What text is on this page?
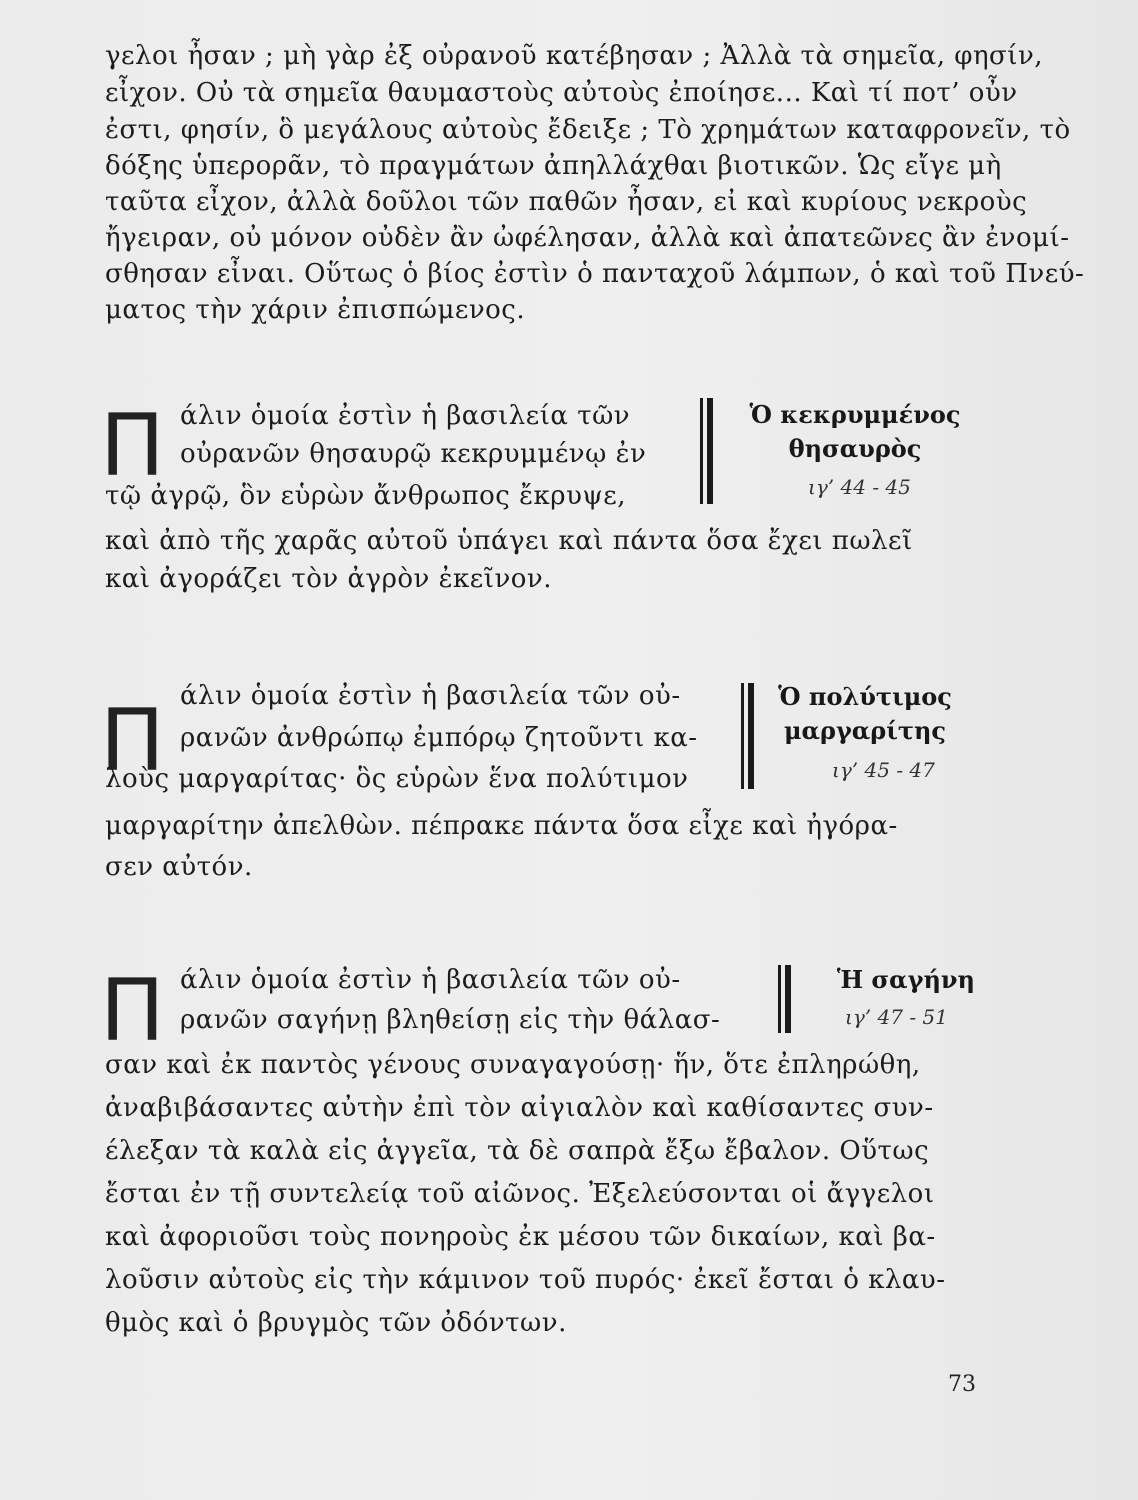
γελοι ἦσαν ; μὴ γὰρ ἐξ οὐρανοῦ κατέβησαν ; Ἀλλὰ τὰ σημεῖα, φησίν,
εἶχον. Οὐ τὰ σημεῖα θαυμαστοὺς αὐτοὺς ἐποίησε... Καὶ τί ποτ’ οὖν
ἐστι, φησίν, ὃ μεγάλους αὐτοὺς ἔδειξε ; Τὸ χρημάτων καταφρονεῖν, τὸ
δόξης ὑπερορᾶν, τὸ πραγμάτων ἀπηλλάχθαι βιοτικῶν. Ὡς εἴγε μὴ
ταῦτα εἶχον, ἀλλὰ δοῦλοι τῶν παθῶν ἦσαν, εἰ καὶ κυρίους νεκροὺς
ἤγειραν, οὐ μόνον οὐδὲν ἂν ὠφέλησαν, ἀλλὰ καὶ ἀπατεῶνες ἂν ἐνομί-
σθησαν εἶναι. Οὕτως ὁ βίος ἐστὶν ὁ πανταχοῦ λάμπων, ὁ καὶ τοῦ Πνεύ-
ματος τὴν χάριν ἐπισπώμενος.
Π άλιν ὁμοία ἐστὶν ἡ βασιλεία τῶν
οὐρανῶν θησαυρῷ κεκρυμμένῳ ἐν
τῷ ἀγρῷ, ὃν εὑρὼν ἄνθρωπος ἔκρυψε,
καὶ ἀπὸ τῆς χαρᾶς αὐτοῦ ὑπάγει καὶ πάντα ὅσα ἔχει πωλεῖ
καὶ ἀγοράζει τὸν ἀγρὸν ἐκεῖνον.
Ὁ κεκρυμμένος
θησαυρὸς
ιγ’ 44 - 45
Π άλιν ὁμοία ἐστὶν ἡ βασιλεία τῶν οὐ-
ρανῶν ἀνθρώπῳ ἐμπόρῳ ζητοῦντι κα-
λοὺς μαργαρίτας· ὃς εὑρὼν ἕνα πολύτιμον
μαργαρίτην ἀπελθὼν. πέπρακε πάντα ὅσα εἶχε καὶ ἠγόρα-
σεν αὐτόν.
Ὁ πολύτιμος
μαργαρίτης
ιγ’ 45 - 47
Π άλιν ὁμοία ἐστὶν ἡ βασιλεία τῶν οὐ-
ρανῶν σαγήνῃ βληθείσῃ εἰς τὴν θάλασ-
σαν καὶ ἐκ παντὸς γένους συναγαγούσῃ· ἥν, ὅτε ἐπληρώθη,
ἀναβιβάσαντες αὐτὴν ἐπὶ τὸν αἰγιαλὸν καὶ καθίσαντες συν-
έλεξαν τὰ καλὰ εἰς ἀγγεῖα, τὰ δὲ σαπρὰ ἔξω ἔβαλον. Οὕτως
ἔσται ἐν τῇ συντελείᾳ τοῦ αἰῶνος. Ἐξελεύσονται οἱ ἄγγελοι
καὶ ἀφοριοῦσι τοὺς πονηροὺς ἐκ μέσου τῶν δικαίων, καὶ βα-
λοῦσιν αὐτοὺς εἰς τὴν κάμινον τοῦ πυρός· ἐκεῖ ἔσται ὁ κλαυ-
θμὸς καὶ ὁ βρυγμὸς τῶν ὀδόντων.
Ἡ σαγήνη
ιγ’ 47 - 51
73
